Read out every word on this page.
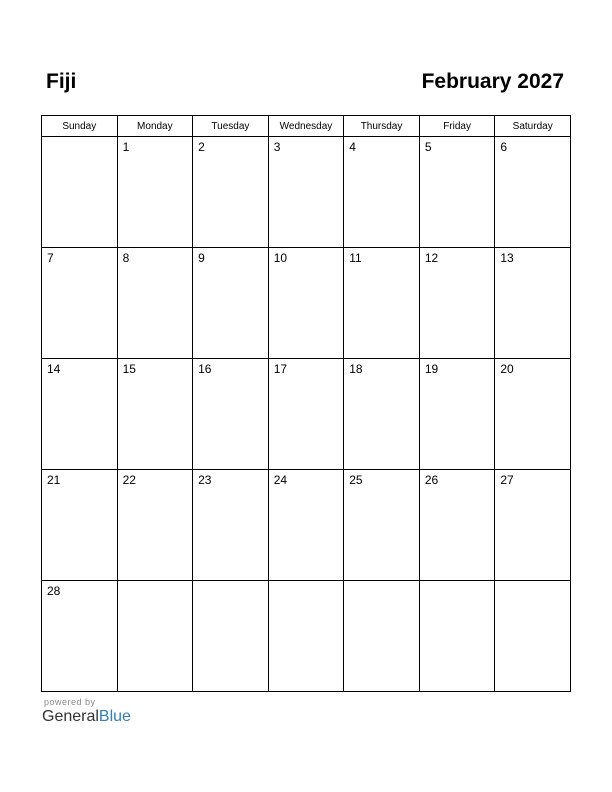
Fiji	February 2027
Sunday	Monday	Tuesday	Wednesday	Thursday	Friday	Saturday

	1	2	3	4	5	6

7	8	9	10	11	12	13

14	15	16	17	18	19	20

21	22	23	24	25	26	27

28						

powered by
GeneralBlue
